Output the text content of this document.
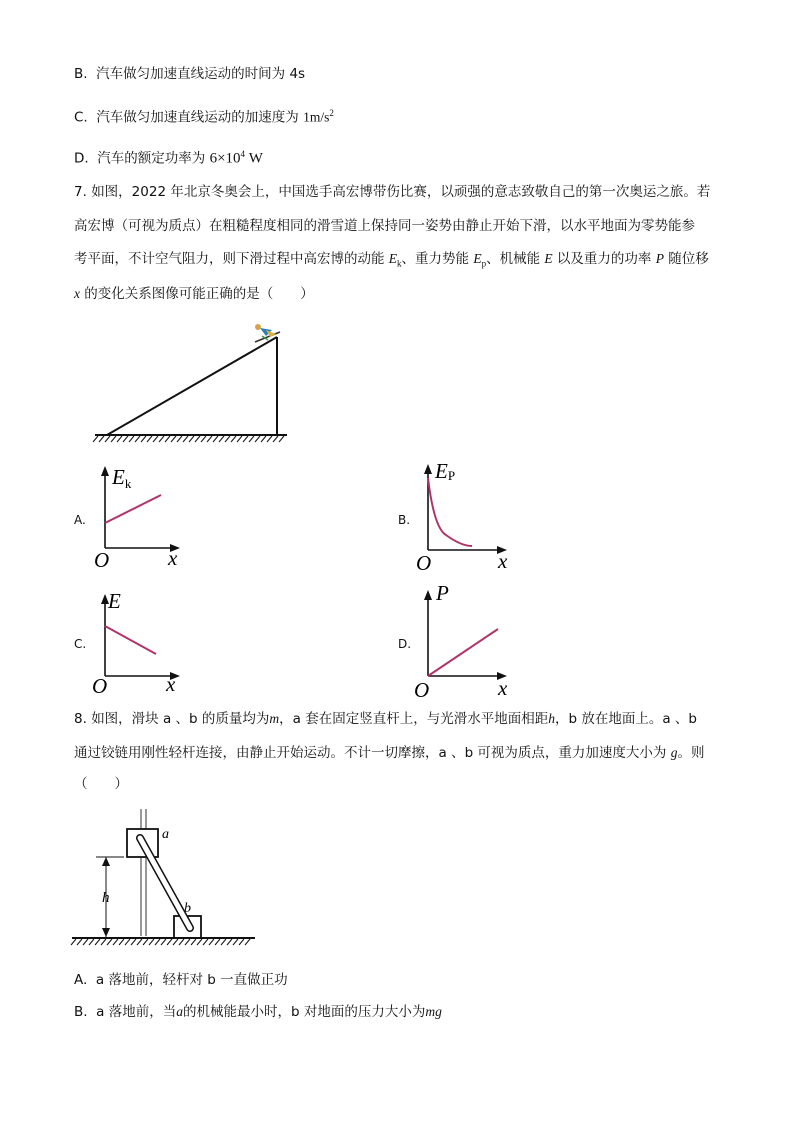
B. 汽车做匀加速直线运动的时间为 4s
C. 汽车做匀加速直线运动的加速度为 $1m/s^2$
D. 汽车的额定功率为 $6\times 10^4$ W
7. 如图，2022 年北京冬奥会上，中国选手高宏博带伤比赛，以顽强的意志致敬自己的第一次奥运之旅。若
高宏博（可视为质点）在粗糙程度相同的滑雪道上保持同一姿势由静止开始下滑，以水平地面为零势能参
考平面，不计空气阻力，则下滑过程中高宏博的动能 $E_k$、重力势能 $E_p$、机械能 E 以及重力的功率 P 随位移
x 的变化关系图像可能正确的是（　　）
A.
Ek
O	x
B.
EP
O	x
C.
E
O	x
D.
P
O	x
8. 如图，滑块 a 、b 的质量均为m，a 套在固定竖直杆上，与光滑水平地面相距h，b 放在地面上。a 、b
通过铰链用刚性轻杆连接，由静止开始运动。不计一切摩擦，a 、b 可视为质点，重力加速度大小为 g。则
（　　）
a
b
h
A. a 落地前，轻杆对 b 一直做正功
B. a 落地前，当a的机械能最小时，b 对地面的压力大小为mg
